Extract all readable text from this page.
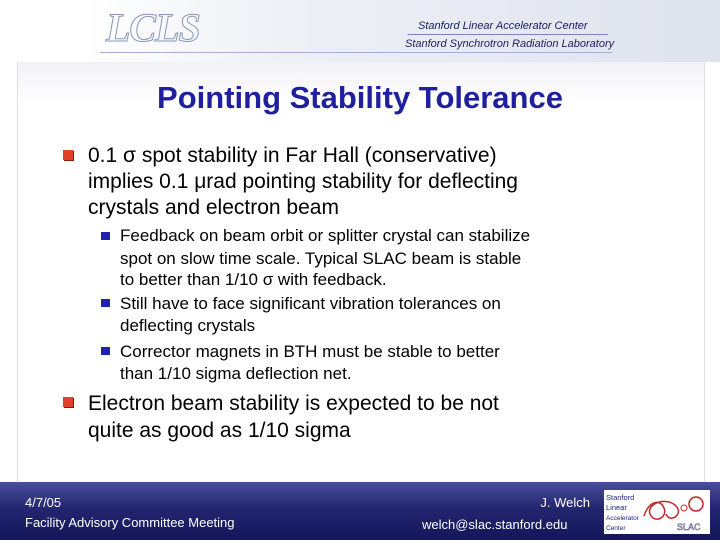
LCLS	Stanford Linear Accelerator Center
Stanford Synchrotron Radiation Laboratory
Pointing Stability Tolerance
0.1 σ spot stability in Far Hall (conservative)
implies 0.1 μrad pointing stability for deflecting
crystals and electron beam
Feedback on beam orbit or splitter crystal can stabilize
spot on slow time scale. Typical SLAC beam is stable
to better than 1/10 σ with feedback.
Still have to face significant vibration tolerances on
deflecting crystals
Corrector magnets in BTH must be stable to better
than 1/10 sigma deflection net.
Electron beam stability is expected to be not
quite as good as 1/10 sigma
4/7/05
Facility Advisory Committee Meeting
J. Welch
welch@slac.stanford.edu
Stanford
Linear
Accelerator
Center	SLAC
